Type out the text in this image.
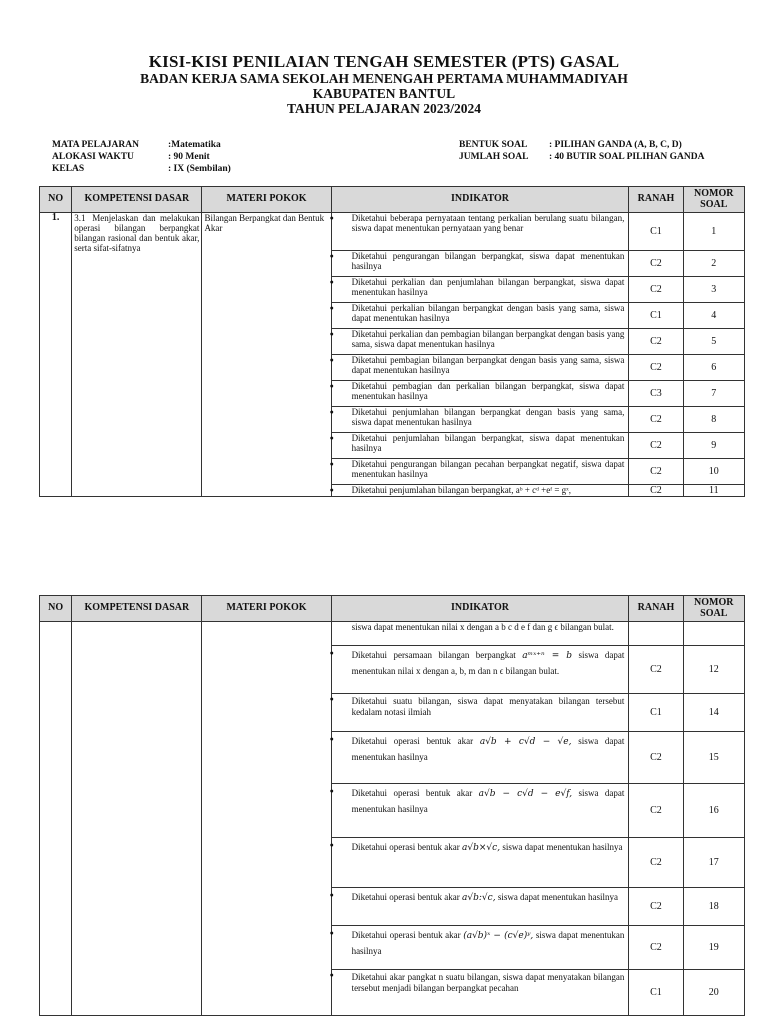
KISI-KISI PENILAIAN TENGAH SEMESTER (PTS) GASAL
BADAN KERJA SAMA SEKOLAH MENENGAH PERTAMA MUHAMMADIYAH
KABUPATEN BANTUL
TAHUN PELAJARAN 2023/2024
MATA PELAJARAN	:Matematika
ALOKASI WAKTU	: 90 Menit
KELAS	: IX (Sembilan)
BENTUK SOAL	: PILIHAN GANDA (A, B, C, D)
JUMLAH SOAL	: 40 BUTIR SOAL PILIHAN GANDA
NO	KOMPETENSI DASAR	MATERI POKOK	INDIKATOR	RANAH	NOMOR SOAL
1.	3.1 Menjelaskan dan melakukan operasi bilangan berpangkat bilangan rasional dan bentuk akar, serta sifat-sifatnya	Bilangan Berpangkat dan Bentuk Akar	● Diketahui beberapa pernyataan tentang perkalian berulang suatu bilangan, siswa dapat menentukan pernyataan yang benar	C1	1

			● Diketahui pengurangan bilangan berpangkat, siswa dapat menentukan hasilnya	C2	2

			● Diketahui perkalian dan penjumlahan bilangan berpangkat, siswa dapat menentukan hasilnya	C2	3

			● Diketahui perkalian bilangan berpangkat dengan basis yang sama, siswa dapat menentukan hasilnya	C1	4

			● Diketahui perkalian dan pembagian bilangan berpangkat dengan basis yang sama, siswa dapat menentukan hasilnya	C2	5

			● Diketahui pembagian bilangan berpangkat dengan basis yang sama, siswa dapat menentukan hasilnya	C2	6

			● Diketahui pembagian dan perkalian bilangan berpangkat, siswa dapat menentukan hasilnya	C3	7

			● Diketahui penjumlahan bilangan berpangkat dengan basis yang sama, siswa dapat menentukan hasilnya	C2	8

			● Diketahui penjumlahan bilangan berpangkat, siswa dapat menentukan hasilnya	C2	9

			● Diketahui pengurangan bilangan pecahan berpangkat negatif, siswa dapat menentukan hasilnya	C2	10

			● Diketahui penjumlahan bilangan berpangkat, aᵇ + cᵈ +eᶠ = gˣ,	C2	11
NO	KOMPETENSI DASAR	MATERI POKOK	INDIKATOR	RANAH	NOMOR SOAL

			siswa dapat menentukan nilai x dengan a b c d e f dan g ϵ bilangan bulat.		

			● Diketahui persamaan bilangan berpangkat aᵐˣ⁺ⁿ = b siswa dapat menentukan nilai x dengan a, b, m dan n ϵ bilangan bulat.	C2	12

			● Diketahui suatu bilangan, siswa dapat menyatakan bilangan tersebut kedalam notasi ilmiah	C1	14

			● Diketahui operasi bentuk akar a√b + c√d − √e, siswa dapat menentukan hasilnya	C2	15

			● Diketahui operasi bentuk akar a√b − c√d − e√f, siswa dapat menentukan hasilnya	C2	16

			● Diketahui operasi bentuk akar a√b×√c, siswa dapat menentukan hasilnya	C2	17

			● Diketahui operasi bentuk akar a√b:√c, siswa dapat menentukan hasilnya	C2	18

			● Diketahui operasi bentuk akar (a√b)ˣ − (c√e)ʸ, siswa dapat menentukan hasilnya	C2	19

			● Diketahui akar pangkat n suatu bilangan, siswa dapat menyatakan bilangan tersebut menjadi bilangan berpangkat pecahan	C1	20
